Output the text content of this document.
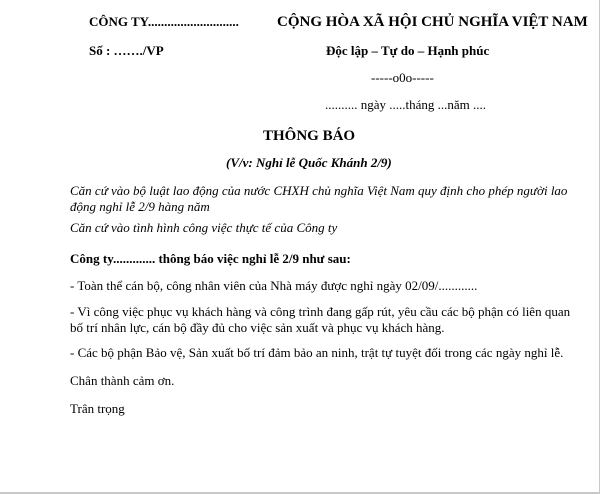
CÔNG TY............................	CỘNG HÒA XÃ HỘI CHỦ NGHĨA VIỆT NAM
Số : ……./VP	Độc lập – Tự do – Hạnh phúc
-----o0o-----
.......... ngày .....tháng ...năm ....
THÔNG BÁO
(V/v: Nghỉ lễ Quốc Khánh 2/9)
Căn cứ vào bộ luật lao động của nước CHXH chủ nghĩa Việt Nam quy định cho phép người lao động nghỉ lễ 2/9 hàng năm
Căn cứ vào tình hình công việc thực tế của Công ty
Công ty............. thông báo việc nghỉ lễ 2/9 như sau:
- Toàn thể cán bộ, công nhân viên của Nhà máy được nghỉ ngày 02/09/............
- Vì công việc phục vụ khách hàng và công trình đang gấp rút, yêu cầu các bộ phận có liên quan bố trí nhân lực, cán bộ đầy đủ cho việc sản xuất và phục vụ khách hàng.
- Các bộ phận Bảo vệ, Sản xuất bố trí đảm bảo an ninh, trật tự tuyệt đối trong các ngày nghỉ lễ.
Chân thành cảm ơn.
Trân trọng
